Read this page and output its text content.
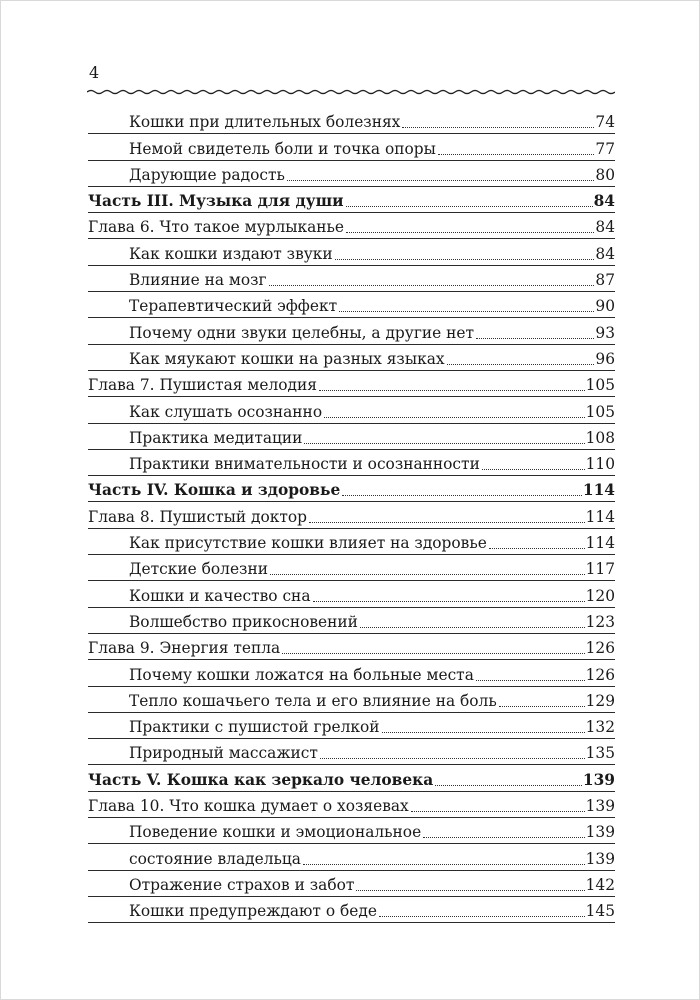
4
Кошки при длительных болезнях	74
Немой свидетель боли и точка опоры	77
Дарующие радость	80
Часть III. Музыка для души	84
Глава 6. Что такое мурлыканье	84
Как кошки издают звуки	84
Влияние на мозг	87
Терапевтический эффект	90
Почему одни звуки целебны, а другие нет	93
Как мяукают кошки на разных языках	96
Глава 7. Пушистая мелодия	105
Как слушать осознанно	105
Практика медитации	108
Практики внимательности и осознанности	110
Часть IV. Кошка и здоровье	114
Глава 8. Пушистый доктор	114
Как присутствие кошки влияет на здоровье	114
Детские болезни	117
Кошки и качество сна	120
Волшебство прикосновений	123
Глава 9. Энергия тепла	126
Почему кошки ложатся на больные места	126
Тепло кошачьего тела и его влияние на боль	129
Практики с пушистой грелкой	132
Природный массажист	135
Часть V. Кошка как зеркало человека	139
Глава 10. Что кошка думает о хозяевах	139
Поведение кошки и эмоциональное	139
состояние владельца	139
Отражение страхов и забот	142
Кошки предупреждают о беде	145
